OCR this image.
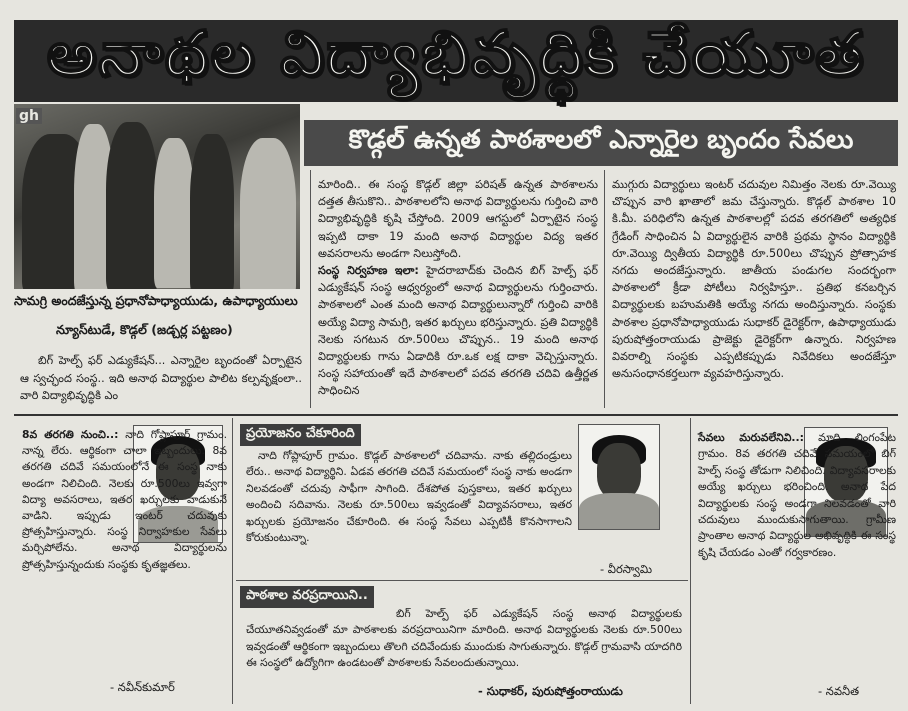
అనాథల విద్యాభివృద్ధికి చేయూత
gh
కొడ్గల్ ఉన్నత పాఠశాలలో ఎన్నారైల బృందం సేవలు
సామగ్రి అందజేస్తున్న ప్రధానోపాధ్యాయుడు, ఉపాధ్యాయులు
న్యూస్‌టుడే, కొడ్గల్ (జడ్చర్ల పట్టణం)

బిగ్ హెల్ప్ ఫర్ ఎడ్యుకేషన్... ఎన్నారైల బృందంతో ఏర్పాటైన ఆ స్వచ్ఛంద సంస్థ.. ఇది అనాథ విద్యార్థుల పాలిట కల్పవృక్షంలా.. వారి విద్యాభివృద్ధికి ఎం

మారింది.. ఈ సంస్థ కొడ్గల్ జిల్లా పరిషత్ ఉన్నత పాఠశాలను దత్తత తీసుకొని.. పాఠశాలలోని అనాథ విద్యార్థులను గుర్తించి వారి విద్యాభివృద్ధికి కృషి చేస్తోంది. 2009 ఆగస్టులో ఏర్పాటైన సంస్థ ఇప్పటి దాకా 19 మంది అనాథ విద్యార్థుల విద్య ఇతర అవసరాలను అండగా నిలుస్తోంది.

సంస్థ నిర్వహణ ఇలా: హైదరాబాద్‌కు చెందిన బిగ్ హెల్ప్ ఫర్ ఎడ్యుకేషన్ సంస్థ ఆధ్వర్యంలో అనాథ విద్యార్థులను గుర్తించారు. పాఠశాలలో ఎంత మంది అనాథ విద్యార్థులున్నారో గుర్తించి వారికి అయ్యే విద్యా సామగ్రి, ఇతర ఖర్చులు భరిస్తున్నారు. ప్రతి విద్యార్థికి నెలకు సగటున రూ.500లు చొప్పున.. 19 మంది అనాథ విద్యార్థులకు గాను ఏడాదికి రూ.ఒక లక్ష దాకా వెచ్చిస్తున్నారు. సంస్థ సహాయంతో ఇదే పాఠశాలలో పదవ తరగతి చదివి ఉత్తీర్ణత సాధించిన

ముగ్గురు విద్యార్థులు ఇంటర్ చదువుల నిమిత్తం నెలకు రూ.వెయ్యి చొప్పున వారి ఖాతాలో జమ చేస్తున్నారు. కొడ్గల్ పాఠశాల 10 కి.మీ. పరిధిలోని ఉన్నత పాఠశాలల్లో పదవ తరగతిలో అత్యధిక గ్రేడింగ్ సాధించిన ఏ విద్యార్థులైన వారికి ప్రథమ స్థానం విద్యార్థికి రూ.వెయ్యి ద్వితీయ విద్యార్థికి రూ.500లు చొప్పున ప్రోత్సాహక నగదు అందజేస్తున్నారు. జాతీయ పండుగల సందర్భంగా పాఠశాలలో క్రీడా పోటీలు నిర్వహిస్తూ.. ప్రతిభ కనబర్చిన విద్యార్థులకు బహుమతికి అయ్యే నగదు అందిస్తున్నారు. సంస్థకు పాఠశాల ప్రధానోపాధ్యాయుడు సుధాకర్ డైరెక్టర్‌గా, ఉపాధ్యాయుడు పురుషోత్తంరాయుడు ప్రాజెక్టు డైరెక్టర్‌గా ఉన్నారు. నిర్వహణ వివరాల్ని సంస్థకు ఎప్పటికప్పుడు నివేదికలు అందజేస్తూ అనుసంధానకర్తలుగా వ్యవహరిస్తున్నారు.

8వ తరగతి నుంచి..: నాది గోప్లాపూర్ గ్రామం. నాన్న లేరు. ఆర్థికంగా చాలా ఇబ్బందులు. 8వ తరగతి చదివే సమయంలోనే ఈ సంస్థ నాకు అండగా నిలిచింది. నెలకు రూ.500లు ఇవ్వగా విద్యా అవసరాలు, ఇతర ఖర్చులకు వాడుకునే వాడిని. ఇప్పుడు ఇంటర్ చదువుకు ప్రోత్సహిస్తున్నారు. సంస్థ నిర్వాహకుల సేవలు మర్చిపోలేను. అనాథ విద్యార్థులను ప్రోత్సహిస్తున్నందుకు సంస్థకు కృతజ్ఞతలు.

- నవీన్‌కుమార్
ప్రయోజనం చేకూరింది

నాది గోప్లాపూర్ గ్రామం. కొడ్గల్ పాఠశాలలో చదివాను. నాకు తల్లిదండ్రులు లేరు.. అనాథ విద్యార్థిని. ఏడవ తరగతి చదివే సమయంలో సంస్థ నాకు అండగా నిలవడంతో చదువు సాఫీగా సాగింది. దేశపోత పుస్తకాలు, ఇతర ఖర్చులు అందించి సదివాను. నెలకు రూ.500లు ఇవ్వడంతో విద్యావసరాలు, ఇతర ఖర్చులకు ప్రయోజనం చేకూరింది. ఈ సంస్థ సేవలు ఎప్పటికీ కొనసాగాలని కోరుకుంటున్నా.

- వీరస్వామి
పాఠశాల వరప్రదాయిని..

బిగ్ హెల్ప్ ఫర్ ఎడ్యుకేషన్ సంస్థ అనాథ విద్యార్థులకు చేయూతనివ్వడంతో మా పాఠశాలకు వరప్రదాయినిగా మారింది. అనాథ విద్యార్థులకు నెలకు రూ.500లు ఇవ్వడంతో ఆర్థికంగా ఇబ్బందులు తొలగి చదివేందుకు ముందుకు సాగుతున్నారు. కొడ్గల్ గ్రామవాసి యాదగిరి ఈ సంస్థలో ఉద్యోగిగా ఉండటంతో పాఠశాలకు సేవలందుతున్నాయి.

- సుధాకర్, పురుషోత్తంరాయుడు

సేవలు మరువలేనివి..: మాది లింగంపేట గ్రామం. 8వ తరగతి చదివే సమయంలో బిగ్ హెల్ప్ సంస్థ తోడుగా నిలిచింది. విద్యావసరాలకు అయ్యే ఖర్చులు భరించింది. అనాథ పేద విద్యార్థులకు సంస్థ అండగా నిలవడంతో వారి చదువులు ముందుకుసాగుతాయి. గ్రామీణ ప్రాంతాల అనాథ విద్యార్థుల అభివృద్ధికి ఈ సంస్థ కృషి చేయడం ఎంతో గర్వకారణం.

- నవనీత
